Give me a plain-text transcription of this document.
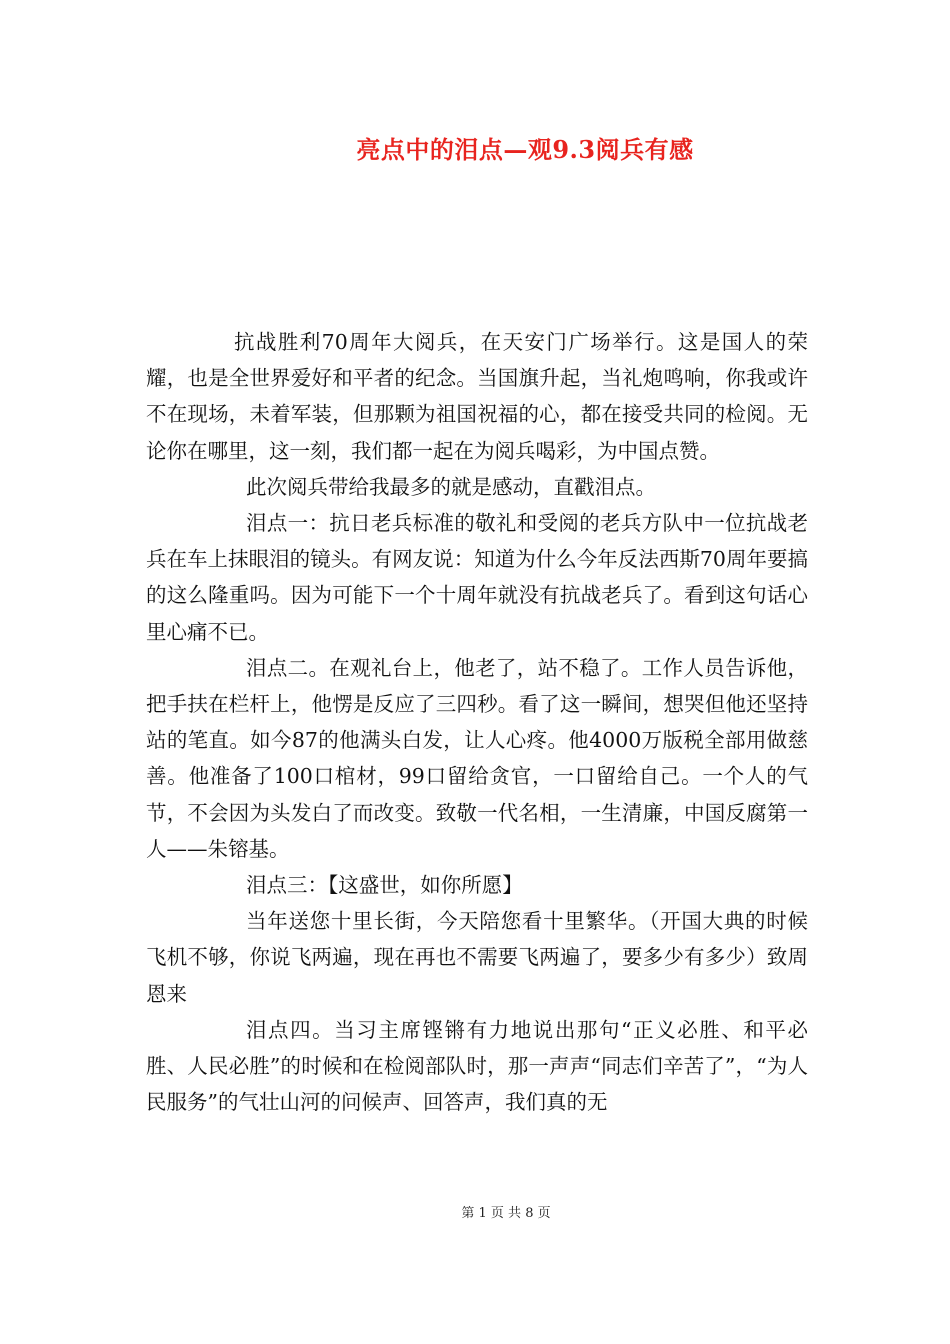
亮点中的泪点—观9.3阅兵有感

抗战胜利70周年大阅兵，在天安门广场举行。这是国人的荣耀，也是全世界爱好和平者的纪念。当国旗升起，当礼炮鸣响，你我或许不在现场，未着军装，但那颗为祖国祝福的心，都在接受共同的检阅。无论你在哪里，这一刻，我们都一起在为阅兵喝彩，为中国点赞。

此次阅兵带给我最多的就是感动，直戳泪点。

泪点一：抗日老兵标准的敬礼和受阅的老兵方队中一位抗战老兵在车上抹眼泪的镜头。有网友说：知道为什么今年反法西斯70周年要搞的这么隆重吗。因为可能下一个十周年就没有抗战老兵了。看到这句话心里心痛不已。

泪点二。在观礼台上，他老了，站不稳了。工作人员告诉他，把手扶在栏杆上，他愣是反应了三四秒。看了这一瞬间，想哭但他还坚持站的笔直。如今87的他满头白发，让人心疼。他4000万版税全部用做慈善。他准备了100口棺材，99口留给贪官，一口留给自己。一个人的气节，不会因为头发白了而改变。致敬一代名相，一生清廉，中国反腐第一人——朱镕基。

泪点三：【这盛世，如你所愿】

当年送您十里长街，今天陪您看十里繁华。（开国大典的时候飞机不够，你说飞两遍，现在再也不需要飞两遍了，要多少有多少）致周恩来

泪点四。当习主席铿锵有力地说出那句“正义必胜、和平必胜、人民必胜”的时候和在检阅部队时，那一声声“同志们辛苦了”，“为人民服务”的气壮山河的问候声、回答声，我们真的无

第 1 页 共 8 页
